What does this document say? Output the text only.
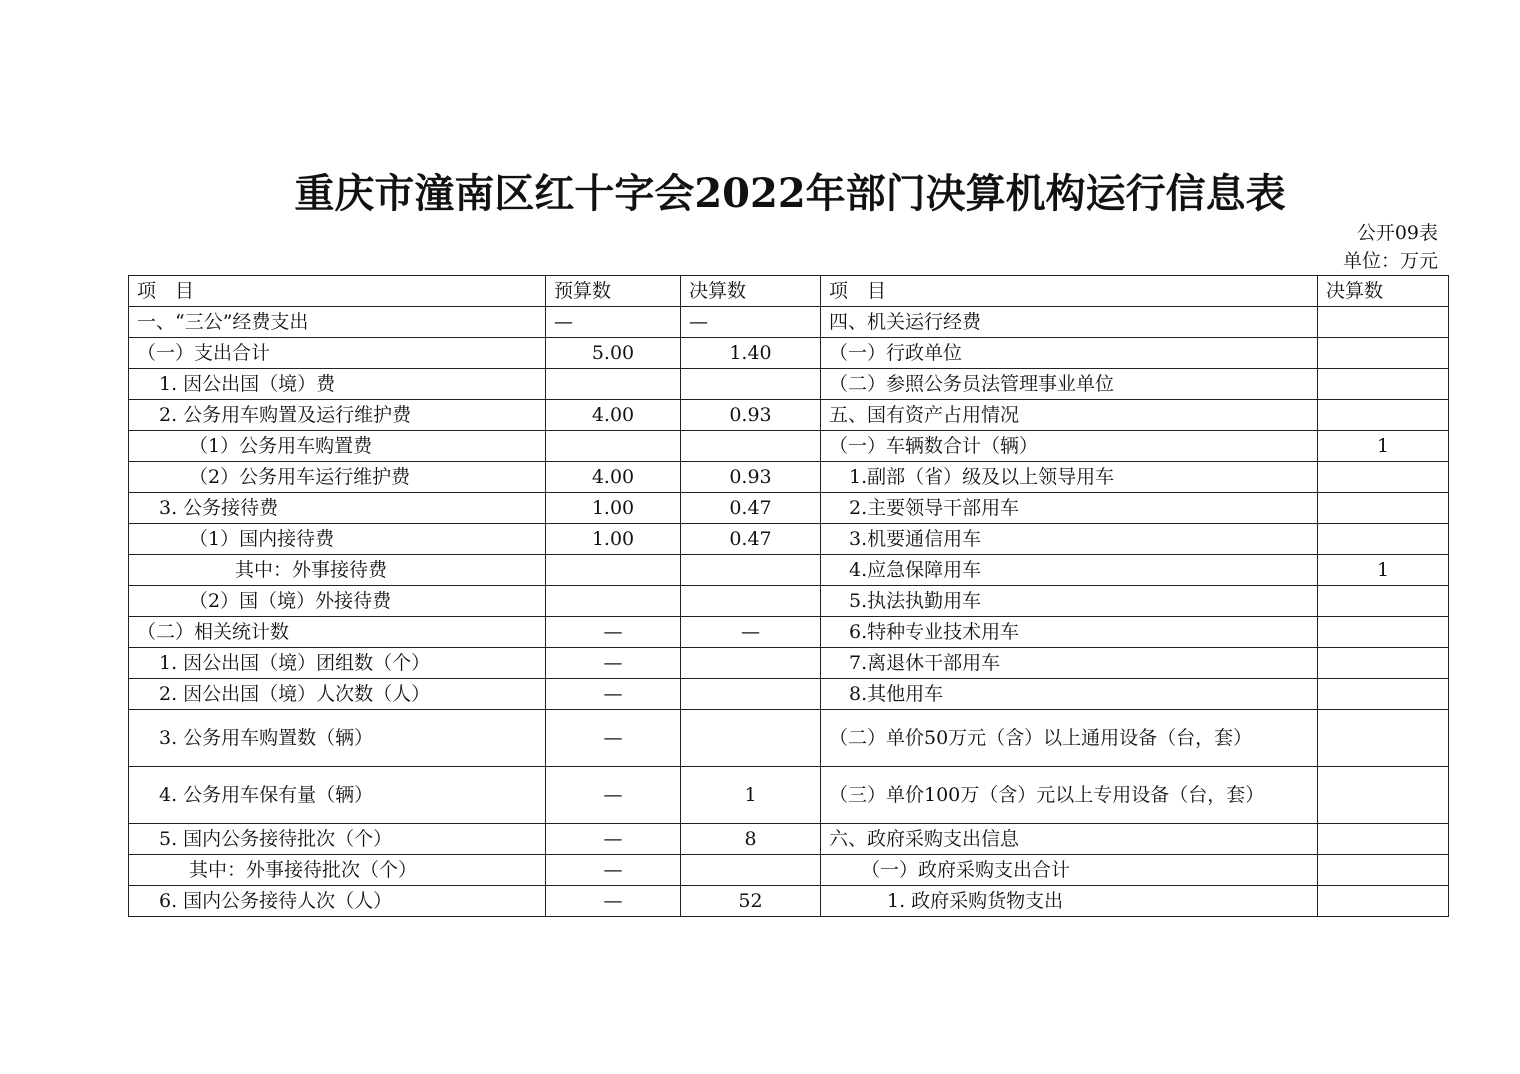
重庆市潼南区红十字会2022年部门决算机构运行信息表
公开09表
单位：万元
项　目	预算数	决算数	项　目	决算数
一、“三公”经费支出	—	—	四、机关运行经费	
（一）支出合计	5.00	1.40	（一）行政单位	
1. 因公出国（境）费			（二）参照公务员法管理事业单位	
2. 公务用车购置及运行维护费	4.00	0.93	五、国有资产占用情况	
（1）公务用车购置费			（一）车辆数合计（辆）	1
（2）公务用车运行维护费	4.00	0.93	1.副部（省）级及以上领导用车	
3. 公务接待费	1.00	0.47	2.主要领导干部用车	
（1）国内接待费	1.00	0.47	3.机要通信用车	
其中：外事接待费			4.应急保障用车	1
（2）国（境）外接待费			5.执法执勤用车	
（二）相关统计数	—	—	6.特种专业技术用车	
1. 因公出国（境）团组数（个）	—		7.离退休干部用车	
2. 因公出国（境）人次数（人）	—		8.其他用车	
3. 公务用车购置数（辆）	—		（二）单价50万元（含）以上通用设备（台，套）	
4. 公务用车保有量（辆）	—	1	（三）单价100万（含）元以上专用设备（台，套）	
5. 国内公务接待批次（个）	—	8	六、政府采购支出信息	
其中：外事接待批次（个）	—		（一）政府采购支出合计	
6. 国内公务接待人次（人）	—	52	1. 政府采购货物支出	
